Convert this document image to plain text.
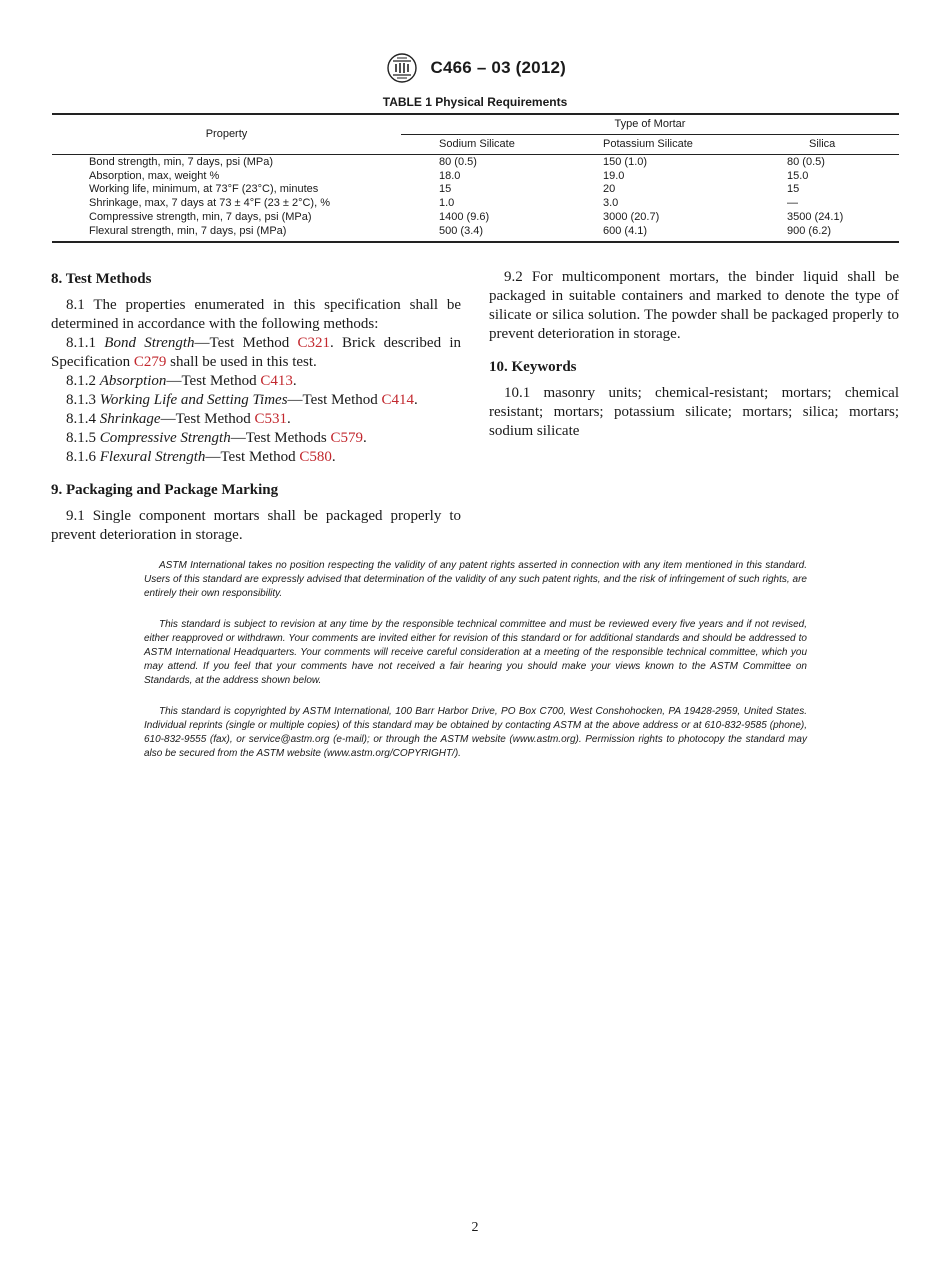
C466 – 03 (2012)
TABLE 1 Physical Requirements
Property	Type of Mortar		
	Sodium Silicate	Potassium Silicate	Silica
Bond strength, min, 7 days, psi (MPa)	80 (0.5)	150 (1.0)	80 (0.5)
Absorption, max, weight %	18.0	19.0	15.0
Working life, minimum, at 73°F (23°C), minutes	15	20	15
Shrinkage, max, 7 days at 73 ± 4°F (23 ± 2°C), %	1.0	3.0	—
Compressive strength, min, 7 days, psi (MPa)	1400 (9.6)	3000 (20.7)	3500 (24.1)
Flexural strength, min, 7 days, psi (MPa)	500 (3.4)	600 (4.1)	900 (6.2)
8. Test Methods

8.1 The properties enumerated in this specification shall be determined in accordance with the following methods:

8.1.1 Bond Strength—Test Method C321. Brick described in Specification C279 shall be used in this test.

8.1.2 Absorption—Test Method C413.

8.1.3 Working Life and Setting Times—Test Method C414.

8.1.4 Shrinkage—Test Method C531.

8.1.5 Compressive Strength—Test Methods C579.

8.1.6 Flexural Strength—Test Method C580.

9. Packaging and Package Marking

9.1 Single component mortars shall be packaged properly to prevent deterioration in storage.

9.2 For multicomponent mortars, the binder liquid shall be packaged in suitable containers and marked to denote the type of silicate or silica solution. The powder shall be packaged properly to prevent deterioration in storage.

10. Keywords

10.1 masonry units; chemical-resistant; mortars; chemical resistant; mortars; potassium silicate; mortars; silica; mortars; sodium silicate

ASTM International takes no position respecting the validity of any patent rights asserted in connection with any item mentioned in this standard. Users of this standard are expressly advised that determination of the validity of any such patent rights, and the risk of infringement of such rights, are entirely their own responsibility.

This standard is subject to revision at any time by the responsible technical committee and must be reviewed every five years and if not revised, either reapproved or withdrawn. Your comments are invited either for revision of this standard or for additional standards and should be addressed to ASTM International Headquarters. Your comments will receive careful consideration at a meeting of the responsible technical committee, which you may attend. If you feel that your comments have not received a fair hearing you should make your views known to the ASTM Committee on Standards, at the address shown below.

This standard is copyrighted by ASTM International, 100 Barr Harbor Drive, PO Box C700, West Conshohocken, PA 19428-2959, United States. Individual reprints (single or multiple copies) of this standard may be obtained by contacting ASTM at the above address or at 610-832-9585 (phone), 610-832-9555 (fax), or service@astm.org (e-mail); or through the ASTM website (www.astm.org). Permission rights to photocopy the standard may also be secured from the ASTM website (www.astm.org/COPYRIGHT/).

2
